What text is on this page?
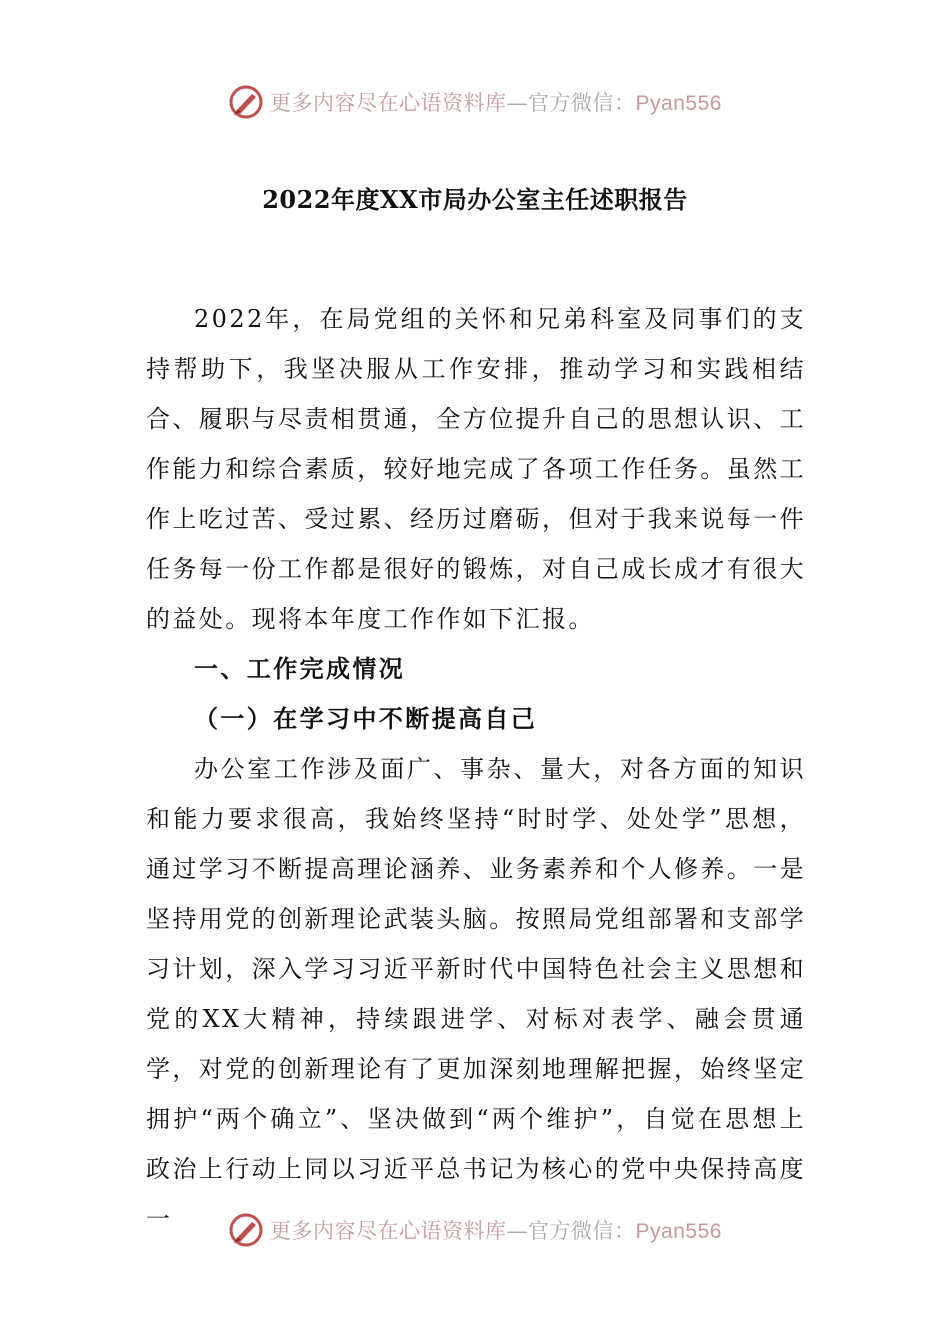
更多内容尽在心语资料库—官方微信：Pyan556
2022年度XX市局办公室主任述职报告

2022年，在局党组的关怀和兄弟科室及同事们的支持帮助下，我坚决服从工作安排，推动学习和实践相结合、履职与尽责相贯通，全方位提升自己的思想认识、工作能力和综合素质，较好地完成了各项工作任务。虽然工作上吃过苦、受过累、经历过磨砺，但对于我来说每一件任务每一份工作都是很好的锻炼，对自己成长成才有很大的益处。现将本年度工作作如下汇报。

一、工作完成情况

（一）在学习中不断提高自己

办公室工作涉及面广、事杂、量大，对各方面的知识和能力要求很高，我始终坚持“时时学、处处学”思想，通过学习不断提高理论涵养、业务素养和个人修养。一是坚持用党的创新理论武装头脑。按照局党组部署和支部学习计划，深入学习习近平新时代中国特色社会主义思想和党的XX大精神，持续跟进学、对标对表学、融会贯通学，对党的创新理论有了更加深刻地理解把握，始终坚定拥护“两个确立”、坚决做到“两个维护”，自觉在思想上政治上行动上同以习近平总书记为核心的党中央保持高度一	更多内容尽在心语资料库—官方微信：Pyan556
